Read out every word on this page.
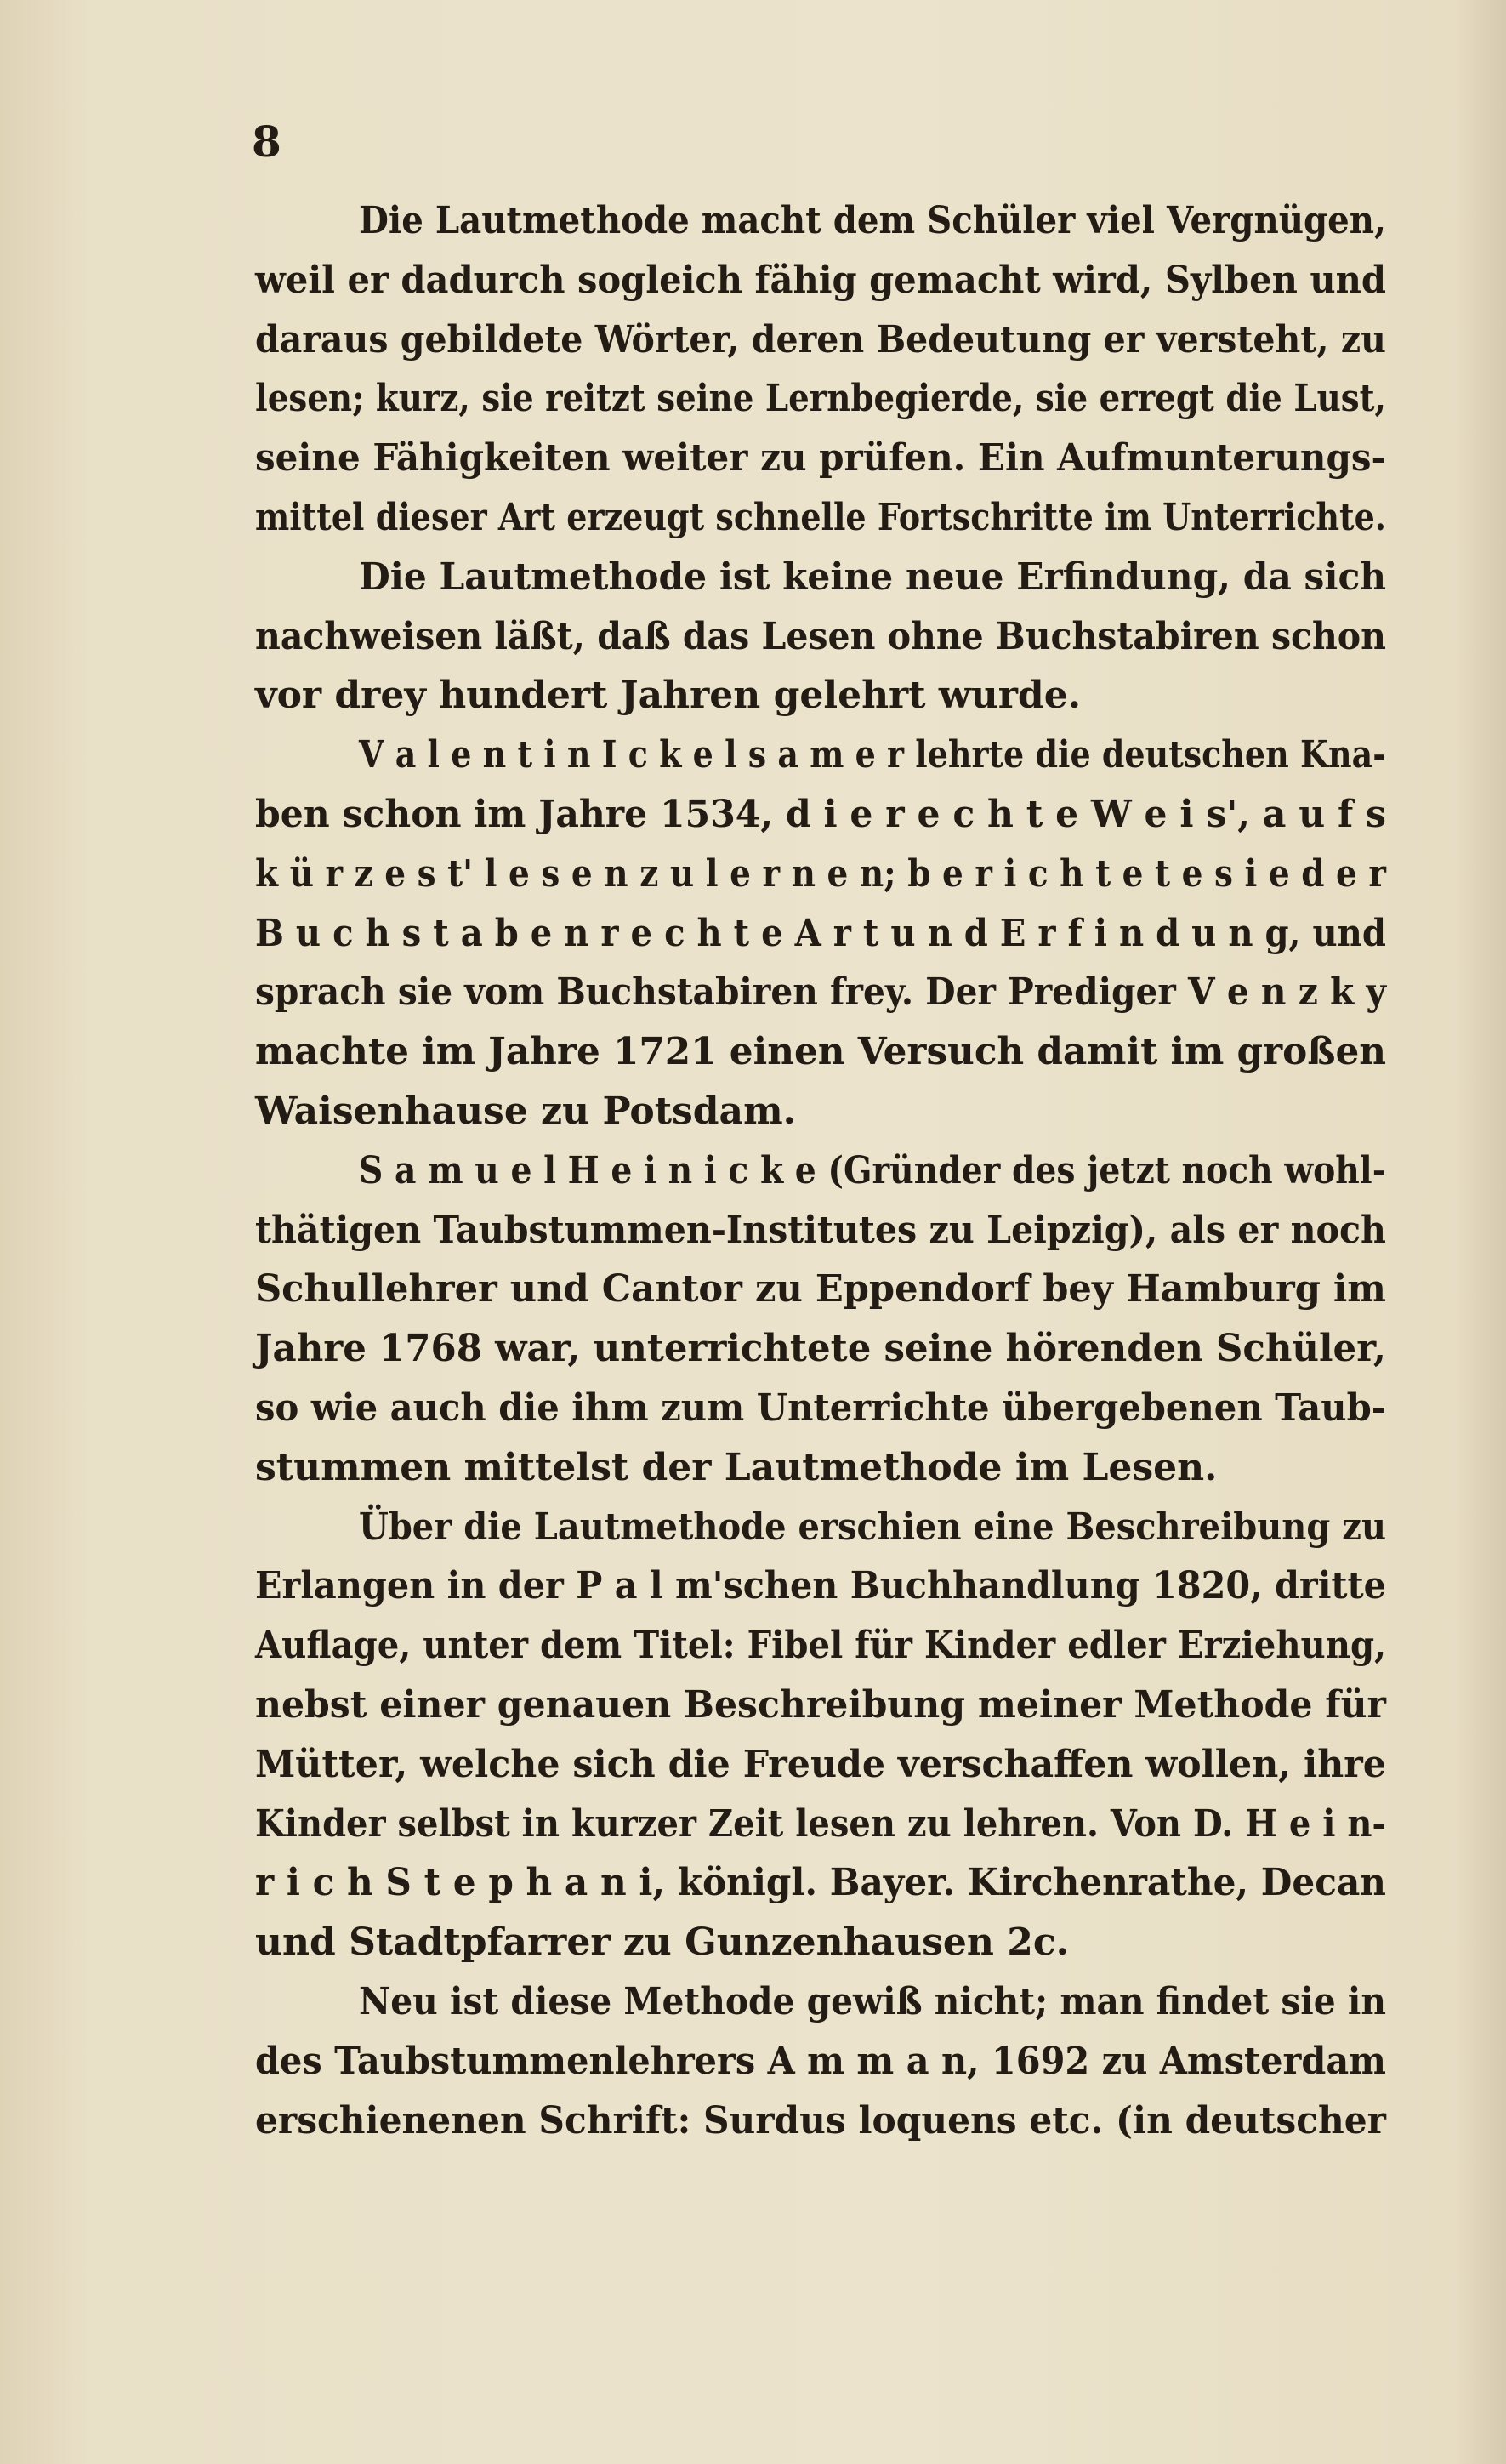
8
Die Lautmethode macht dem Schüler viel Vergnügen,
weil er dadurch sogleich fähig gemacht wird, Sylben und
daraus gebildete Wörter, deren Bedeutung er versteht, zu
lesen; kurz, sie reitzt seine Lernbegierde, sie erregt die Lust,
seine Fähigkeiten weiter zu prüfen. Ein Aufmunterungs-
mittel dieser Art erzeugt schnelle Fortschritte im Unterrichte.
Die Lautmethode ist keine neue Erfindung, da sich
nachweisen läßt, daß das Lesen ohne Buchstabiren schon
vor drey hundert Jahren gelehrt wurde.
V a l e n t i n I c k e l s a m e r lehrte die deutschen Kna-
ben schon im Jahre 1534, d i e r e c h t e W e i s', a u f s
k ü r z e s t' l e s e n z u l e r n e n; b e r i c h t e t e s i e d e r
B u c h s t a b e n r e c h t e A r t u n d E r f i n d u n g, und
sprach sie vom Buchstabiren frey. Der Prediger V e n z k y
machte im Jahre 1721 einen Versuch damit im großen
Waisenhause zu Potsdam.
S a m u e l H e i n i c k e (Gründer des jetzt noch wohl-
thätigen Taubstummen-Institutes zu Leipzig), als er noch
Schullehrer und Cantor zu Eppendorf bey Hamburg im
Jahre 1768 war, unterrichtete seine hörenden Schüler,
so wie auch die ihm zum Unterrichte übergebenen Taub-
stummen mittelst der Lautmethode im Lesen.
Über die Lautmethode erschien eine Beschreibung zu
Erlangen in der P a l m'schen Buchhandlung 1820, dritte
Auflage, unter dem Titel: Fibel für Kinder edler Erziehung,
nebst einer genauen Beschreibung meiner Methode für
Mütter, welche sich die Freude verschaffen wollen, ihre
Kinder selbst in kurzer Zeit lesen zu lehren. Von D. H e i n-
r i c h S t e p h a n i, königl. Bayer. Kirchenrathe, Decan
und Stadtpfarrer zu Gunzenhausen 2c.
Neu ist diese Methode gewiß nicht; man findet sie in
des Taubstummenlehrers A m m a n, 1692 zu Amsterdam
erschienenen Schrift: Surdus loquens etc. (in deutscher
